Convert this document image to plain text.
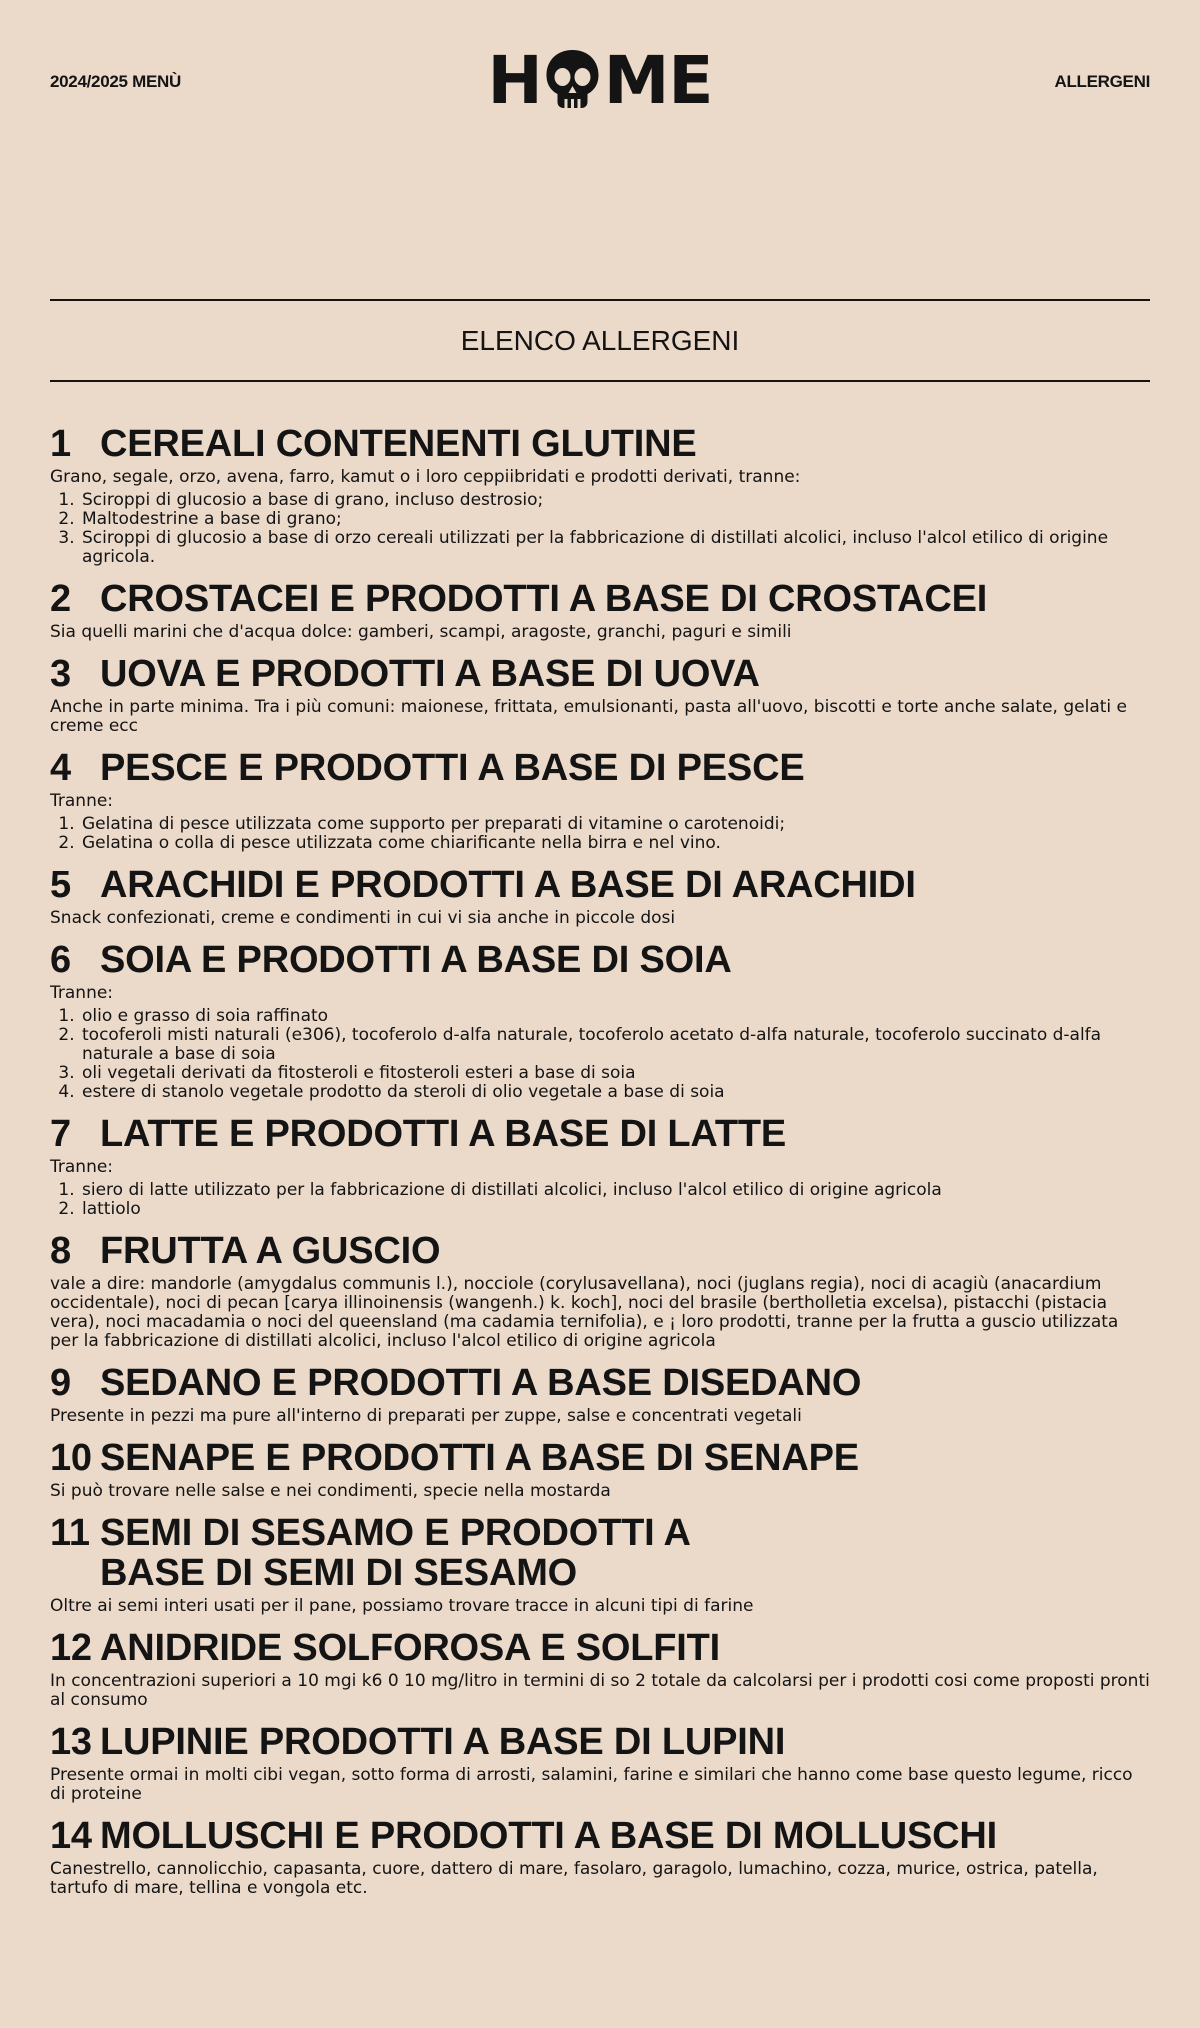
2024/2025 MENÙ	H ME	ALLERGENI
ELENCO ALLERGENI
1 CEREALI CONTENENTI GLUTINE
Grano, segale, orzo, avena, farro, kamut o i loro ceppiibridati e prodotti derivati, tranne:
1. Sciroppi di glucosio a base di grano, incluso destrosio;
2. Maltodestrine a base di grano;
3. Sciroppi di glucosio a base di orzo cereali utilizzati per la fabbricazione di distillati alcolici, incluso l'alcol etilico di origine agricola.
2 CROSTACEI E PRODOTTI A BASE DI CROSTACEI
Sia quelli marini che d'acqua dolce: gamberi, scampi, aragoste, granchi, paguri e simili
3 UOVA E PRODOTTI A BASE DI UOVA
Anche in parte minima. Tra i più comuni: maionese, frittata, emulsionanti, pasta all'uovo, biscotti e torte anche salate, gelati e creme ecc
4 PESCE E PRODOTTI A BASE DI PESCE
Tranne:
1. Gelatina di pesce utilizzata come supporto per preparati di vitamine o carotenoidi;
2. Gelatina o colla di pesce utilizzata come chiarificante nella birra e nel vino.
5 ARACHIDI E PRODOTTI A BASE DI ARACHIDI
Snack confezionati, creme e condimenti in cui vi sia anche in piccole dosi
6 SOIA E PRODOTTI A BASE DI SOIA
Tranne:
1. olio e grasso di soia raffinato
2. tocoferoli misti naturali (e306), tocoferolo d-alfa naturale, tocoferolo acetato d-alfa naturale, tocoferolo succinato d-alfa naturale a base di soia
3. oli vegetali derivati da fitosteroli e fitosteroli esteri a base di soia
4. estere di stanolo vegetale prodotto da steroli di olio vegetale a base di soia
7 LATTE E PRODOTTI A BASE DI LATTE
Tranne:
1. siero di latte utilizzato per la fabbricazione di distillati alcolici, incluso l'alcol etilico di origine agricola
2. lattiolo
8 FRUTTA A GUSCIO
vale a dire: mandorle (amygdalus communis l.), nocciole (corylusavellana), noci (juglans regia), noci di acagiù (anacardium occidentale), noci di pecan [carya illinoinensis (wangenh.) k. koch], noci del brasile (bertholletia excelsa), pistacchi (pistacia vera), noci macadamia o noci del queensland (ma cadamia ternifolia), e ¡ loro prodotti, tranne per la frutta a guscio utilizzata per la fabbricazione di distillati alcolici, incluso l'alcol etilico di origine agricola
9 SEDANO E PRODOTTI A BASE DISEDANO
Presente in pezzi ma pure all'interno di preparati per zuppe, salse e concentrati vegetali
10 SENAPE E PRODOTTI A BASE DI SENAPE
Si può trovare nelle salse e nei condimenti, specie nella mostarda
11 SEMI DI SESAMO E PRODOTTI A BASE DI SEMI DI SESAMO
Oltre ai semi interi usati per il pane, possiamo trovare tracce in alcuni tipi di farine
12 ANIDRIDE SOLFOROSA E SOLFITI
In concentrazioni superiori a 10 mgi k6 0 10 mg/litro in termini di so 2 totale da calcolarsi per i prodotti cosi come proposti pronti al consumo
13 LUPINIE PRODOTTI A BASE DI LUPINI
Presente ormai in molti cibi vegan, sotto forma di arrosti, salamini, farine e similari che hanno come base questo legume, ricco di proteine
14 MOLLUSCHI E PRODOTTI A BASE DI MOLLUSCHI
Canestrello, cannolicchio, capasanta, cuore, dattero di mare, fasolaro, garagolo, lumachino, cozza, murice, ostrica, patella, tartufo di mare, tellina e vongola etc.
